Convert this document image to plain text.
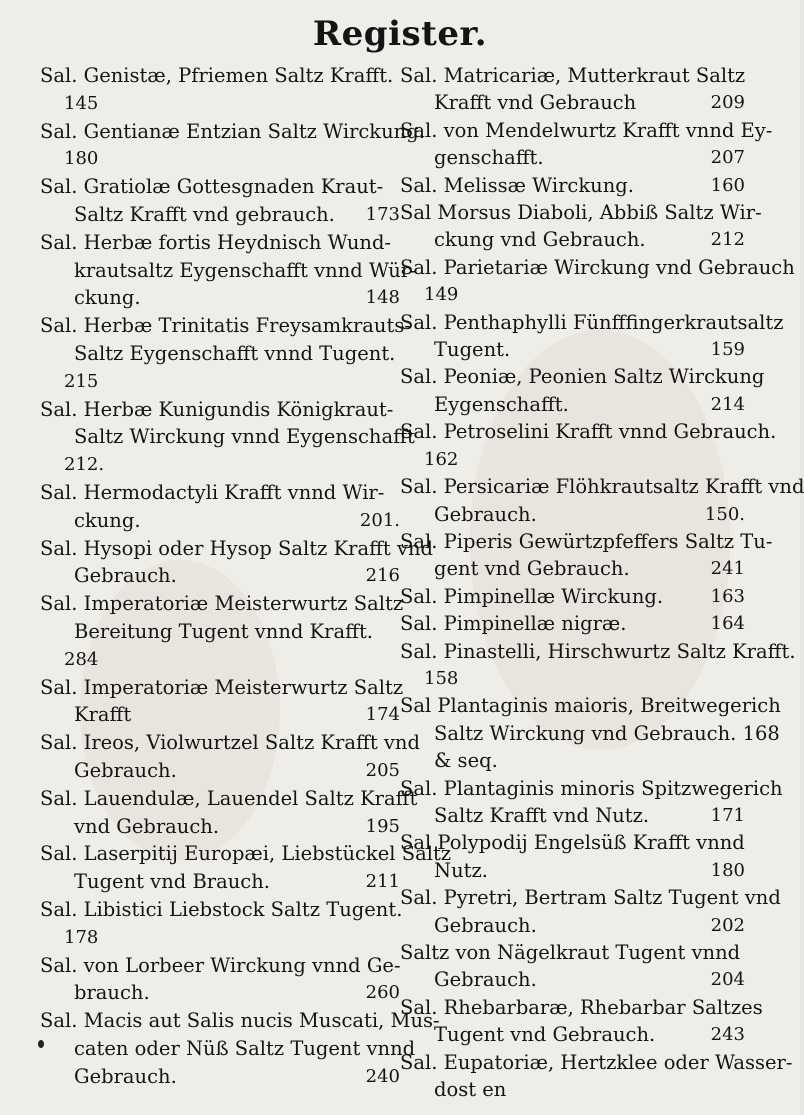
Register.
Sal. Genistæ, Pfriemen Saltz Krafft.
145
Sal. Gentianæ Entzian Saltz Wirckung.
180
Sal. Gratiolæ Gottesgnaden Kraut-
173
Saltz Krafft vnd gebrauch.
Sal. Herbæ fortis Heydnisch Wund-
krautsaltz Eygenschafft vnnd Wür-
148
ckung.
Sal. Herbæ Trinitatis Freysamkrauts-
Saltz Eygenschafft vnnd Tugent.
215
Sal. Herbæ Kunigundis Königkraut-
Saltz Wirckung vnnd Eygenschafft
212.
Sal. Hermodactyli Krafft vnnd Wir-
201.
ckung.
Sal. Hysopi oder Hysop Saltz Krafft vnd
216
Gebrauch.
Sal. Imperatoriæ Meisterwurtz Saltz
Bereitung Tugent vnnd Krafft.
284
Sal. Imperatoriæ Meisterwurtz Saltz
174
Krafft
Sal. Ireos, Violwurtzel Saltz Krafft vnd
205
Gebrauch.
Sal. Lauendulæ, Lauendel Saltz Krafft
195
vnd Gebrauch.
Sal. Laserpitij Europæi, Liebstückel Saltz
211
Tugent vnd Brauch.
Sal. Libistici Liebstock Saltz Tugent.
178
Sal. von Lorbeer Wirckung vnnd Ge-
260
brauch.
Sal. Macis aut Salis nucis Muscati, Mus-
caten oder Nüß Saltz Tugent vnnd
240
Gebrauch.
Sal. Matricariæ, Mutterkraut Saltz
209
Krafft vnd Gebrauch
Sal. von Mendelwurtz Krafft vnnd Ey-
207
genschafft.
160
Sal. Melissæ Wirckung.
Sal Morsus Diaboli, Abbiß Saltz Wir-
212
ckung vnd Gebrauch.
Sal. Parietariæ Wirckung vnd Gebrauch
149
Sal. Penthaphylli Fünfffingerkrautsaltz
159
Tugent.
Sal. Peoniæ, Peonien Saltz Wirckung
214
Eygenschafft.
Sal. Petroselini Krafft vnnd Gebrauch.
162
Sal. Persicariæ Flöhkrautsaltz Krafft vnd
150.
Gebrauch.
Sal. Piperis Gewürtzpfeffers Saltz Tu-
241
gent vnd Gebrauch.
163
Sal. Pimpinellæ Wirckung.
164
Sal. Pimpinellæ nigræ.
Sal. Pinastelli, Hirschwurtz Saltz Krafft.
158
Sal Plantaginis maioris, Breitwegerich
Saltz Wirckung vnd Gebrauch. 168
& seq.
Sal. Plantaginis minoris Spitzwegerich
171
Saltz Krafft vnd Nutz.
Sal Polypodij Engelsüß Krafft vnnd
180
Nutz.
Sal. Pyretri, Bertram Saltz Tugent vnd
202
Gebrauch.
Saltz von Nägelkraut Tugent vnnd
204
Gebrauch.
Sal. Rhebarbaræ, Rhebarbar Saltzes
243
Tugent vnd Gebrauch.
Sal. Eupatoriæ, Hertzklee oder Wasser-
dost en
